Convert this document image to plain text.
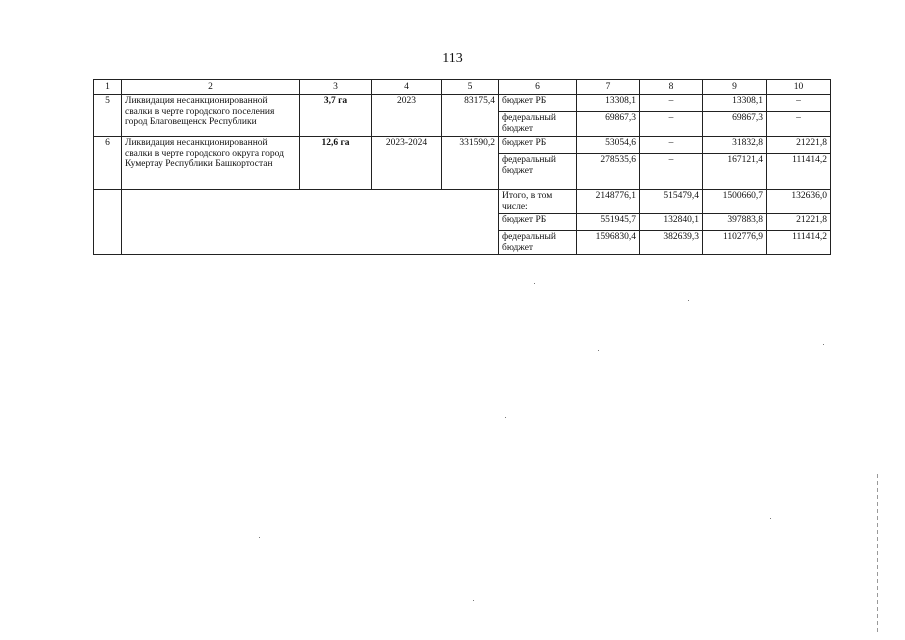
113
1	2	3	4	5	6	7	8	9	10
5	Ликвидация несанкционированной свалки в черте городского поселения город Благовещенск Республики	3,7 га	2023	83175,4	бюджет РБ	13308,1	–	13308,1	–
					федеральный бюджет	69867,3	–	69867,3	–
6	Ликвидация несанкционированной свалки в черте городского округа город Кумертау Республики Башкортостан	12,6 га	2023-2024	331590,2	бюджет РБ	53054,6	–	31832,8	21221,8
					федеральный бюджет	278535,6	–	167121,4	111414,2
					Итого, в том числе:	2148776,1	515479,4	1500660,7	132636,0
					бюджет РБ	551945,7	132840,1	397883,8	21221,8
					федеральный бюджет	1596830,4	382639,3	1102776,9	111414,2
